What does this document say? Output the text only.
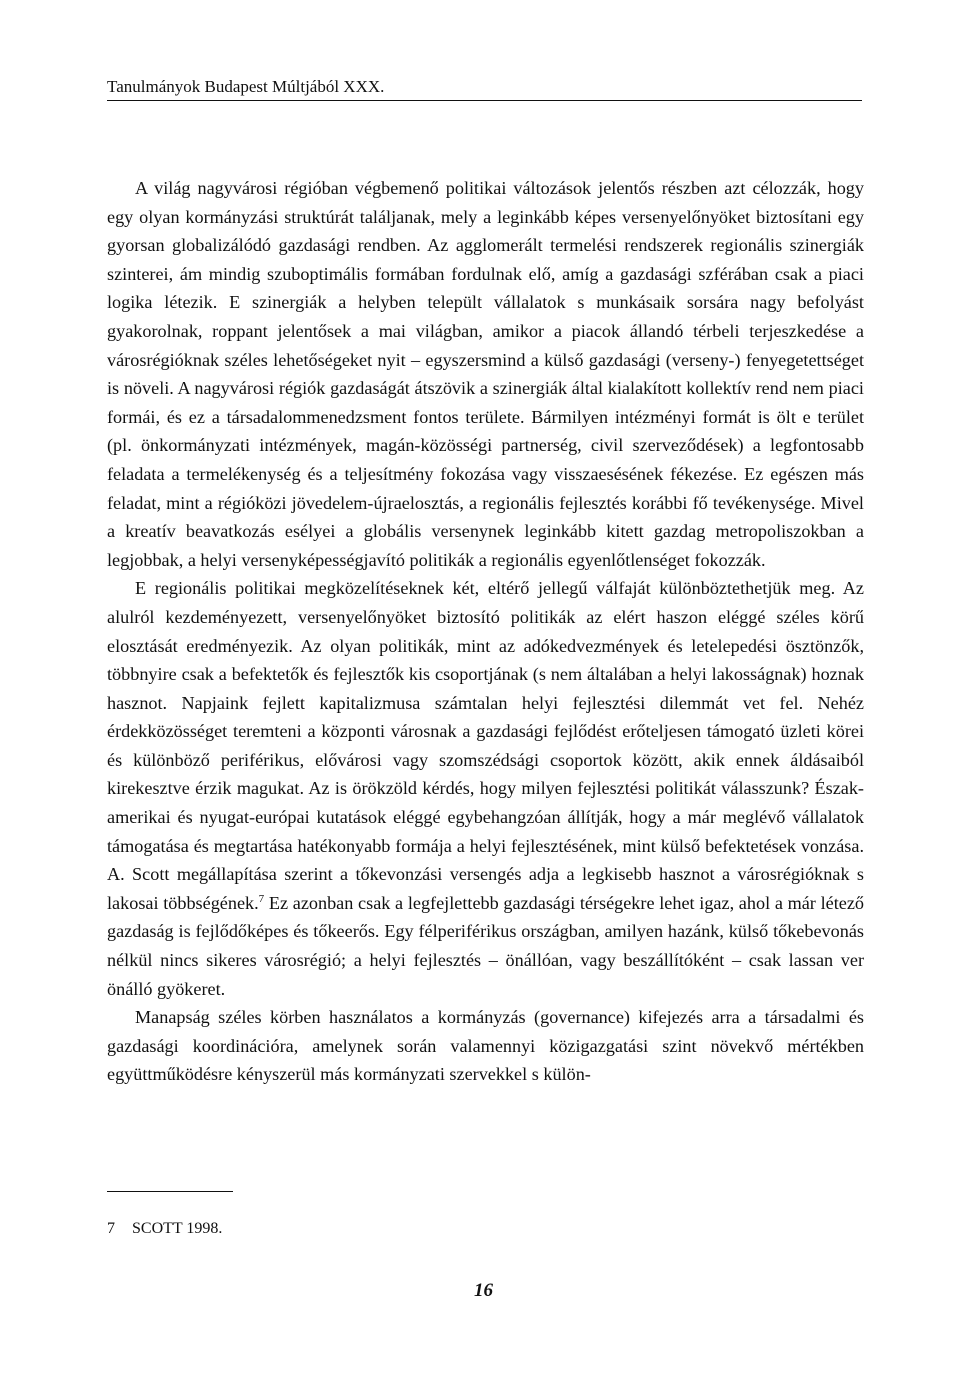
Tanulmányok Budapest Múltjából XXX.

A világ nagyvárosi régióban végbemenő politikai változások jelentős részben azt célozzák, hogy egy olyan kormányzási struktúrát találjanak, mely a leginkább képes versenyelőnyöket biztosítani egy gyorsan globalizálódó gazdasági rendben. Az agglomerált termelési rendszerek regionális szinergiák szinterei, ám mindig szuboptimális formában fordulnak elő, amíg a gazdasági szférában csak a piaci logika létezik. E szinergiák a helyben települt vállalatok s munkásaik sorsára nagy befolyást gyakorolnak, roppant jelentősek a mai világban, amikor a piacok állandó térbeli terjeszkedése a városrégióknak széles lehetőségeket nyit – egyszersmind a külső gazdasági (verseny-) fenyegetettséget is növeli. A nagyvárosi régiók gazdaságát átszövik a szinergiák által kialakított kollektív rend nem piaci formái, és ez a társadalommenedzsment fontos területe. Bármilyen intézményi formát is ölt e terület (pl. önkormányzati intézmények, magán-közösségi partnerség, civil szerveződések) a legfontosabb feladata a termelékenység és a teljesítmény fokozása vagy visszaesésének fékezése. Ez egészen más feladat, mint a régióközi jövedelem-újraelosztás, a regionális fejlesztés korábbi fő tevékenysége. Mivel a kreatív beavatkozás esélyei a globális versenynek leginkább kitett gazdag metropoliszokban a legjobbak, a helyi versenyképességjavító politikák a regionális egyenlőtlenséget fokozzák.

E regionális politikai megközelítéseknek két, eltérő jellegű válfaját különböztethetjük meg. Az alulról kezdeményezett, versenyelőnyöket biztosító politikák az elért haszon eléggé széles körű elosztását eredményezik. Az olyan politikák, mint az adókedvezmények és letelepedési ösztönzők, többnyire csak a befektetők és fejlesztők kis csoportjának (s nem általában a helyi lakosságnak) hoznak hasznot. Napjaink fejlett kapitalizmusa számtalan helyi fejlesztési dilemmát vet fel. Nehéz érdekközösséget teremteni a központi városnak a gazdasági fejlődést erőteljesen támogató üzleti körei és különböző periférikus, elővárosi vagy szomszédsági csoportok között, akik ennek áldásaiból kirekesztve érzik magukat. Az is örökzöld kérdés, hogy milyen fejlesztési politikát válasszunk? Észak-amerikai és nyugat-európai kutatások eléggé egybehangzóan állítják, hogy a már meglévő vállalatok támogatása és megtartása hatékonyabb formája a helyi fejlesztésének, mint külső befektetések vonzása. A. Scott megállapítása szerint a tőkevonzási versengés adja a legkisebb hasznot a városrégióknak s lakosai többségének.$^7$ Ez azonban csak a legfejlettebb gazdasági térségekre lehet igaz, ahol a már létező gazdaság is fejlődőképes és tőkeerős. Egy félperiférikus országban, amilyen hazánk, külső tőkebevonás nélkül nincs sikeres városrégió; a helyi fejlesztés – önállóan, vagy beszállítóként – csak lassan ver önálló gyökeret.

Manapság széles körben használatos a kormányzás (governance) kifejezés arra a társadalmi és gazdasági koordinációra, amelynek során valamennyi közigazgatási szint növekvő mértékben együttműködésre kényszerül más kormányzati szervekkel s külön-

7 SCOTT 1998.
16
